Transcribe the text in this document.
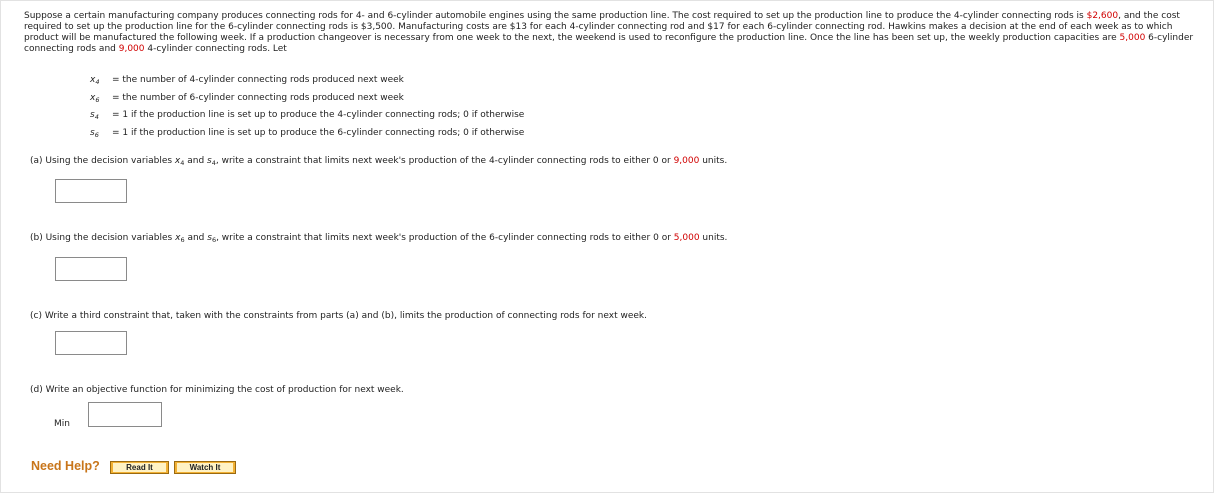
Suppose a certain manufacturing company produces connecting rods for 4- and 6-cylinder automobile engines using the same production line. The cost required to set up the production line to produce the 4-cylinder connecting rods is $2,600, and the cost required to set up the production line for the 6-cylinder connecting rods is $3,500. Manufacturing costs are $13 for each 4-cylinder connecting rod and $17 for each 6-cylinder connecting rod. Hawkins makes a decision at the end of each week as to which product will be manufactured the following week. If a production changeover is necessary from one week to the next, the weekend is used to reconfigure the production line. Once the line has been set up, the weekly production capacities are 5,000 6-cylinder connecting rods and 9,000 4-cylinder connecting rods. Let
$x_4$ = the number of 4-cylinder connecting rods produced next week
$x_6$ = the number of 6-cylinder connecting rods produced next week
$s_4 = 1$ if the production line is set up to produce the 4-cylinder connecting rods; 0 if otherwise
$s_6 = 1$ if the production line is set up to produce the 6-cylinder connecting rods; 0 if otherwise
(a) Using the decision variables $x_4$ and $s_4$, write a constraint that limits next week's production of the 4-cylinder connecting rods to either 0 or 9,000 units.
(b) Using the decision variables $x_6$ and $s_6$, write a constraint that limits next week's production of the 6-cylinder connecting rods to either 0 or 5,000 units.
(c) Write a third constraint that, taken with the constraints from parts (a) and (b), limits the production of connecting rods for next week.
(d) Write an objective function for minimizing the cost of production for next week.
Min
Need Help?	Read It	Watch It
